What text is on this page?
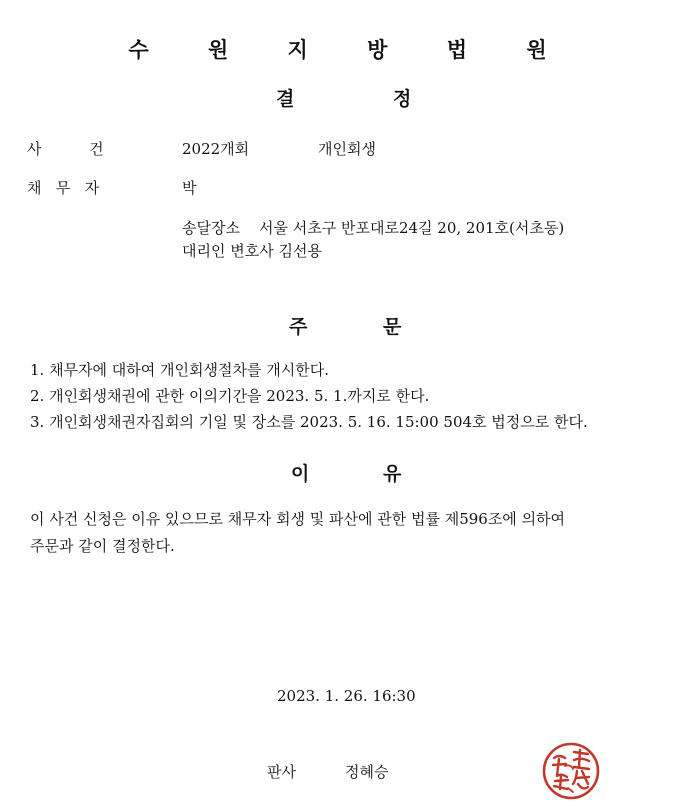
수 원 지 방 법 원
결	정
사          건	2022개회	개인회생
채   무   자	박
송달장소 서울 서초구 반포대로24길 20, 201호(서초동)
대리인 변호사 김선용
주	문
1. 채무자에 대하여 개인회생절차를 개시한다.
2. 개인회생채권에 관한 이의기간을 2023. 5. 1.까지로 한다.
3. 개인회생채권자집회의 기일 및 장소를 2023. 5. 16. 15:00 504호 법정으로 한다.
이	유
이 사건 신청은 이유 있으므로 채무자 회생 및 파산에 관한 법률 제596조에 의하여
주문과 같이 결정한다.
2023. 1. 26. 16:30
판사	정혜승
